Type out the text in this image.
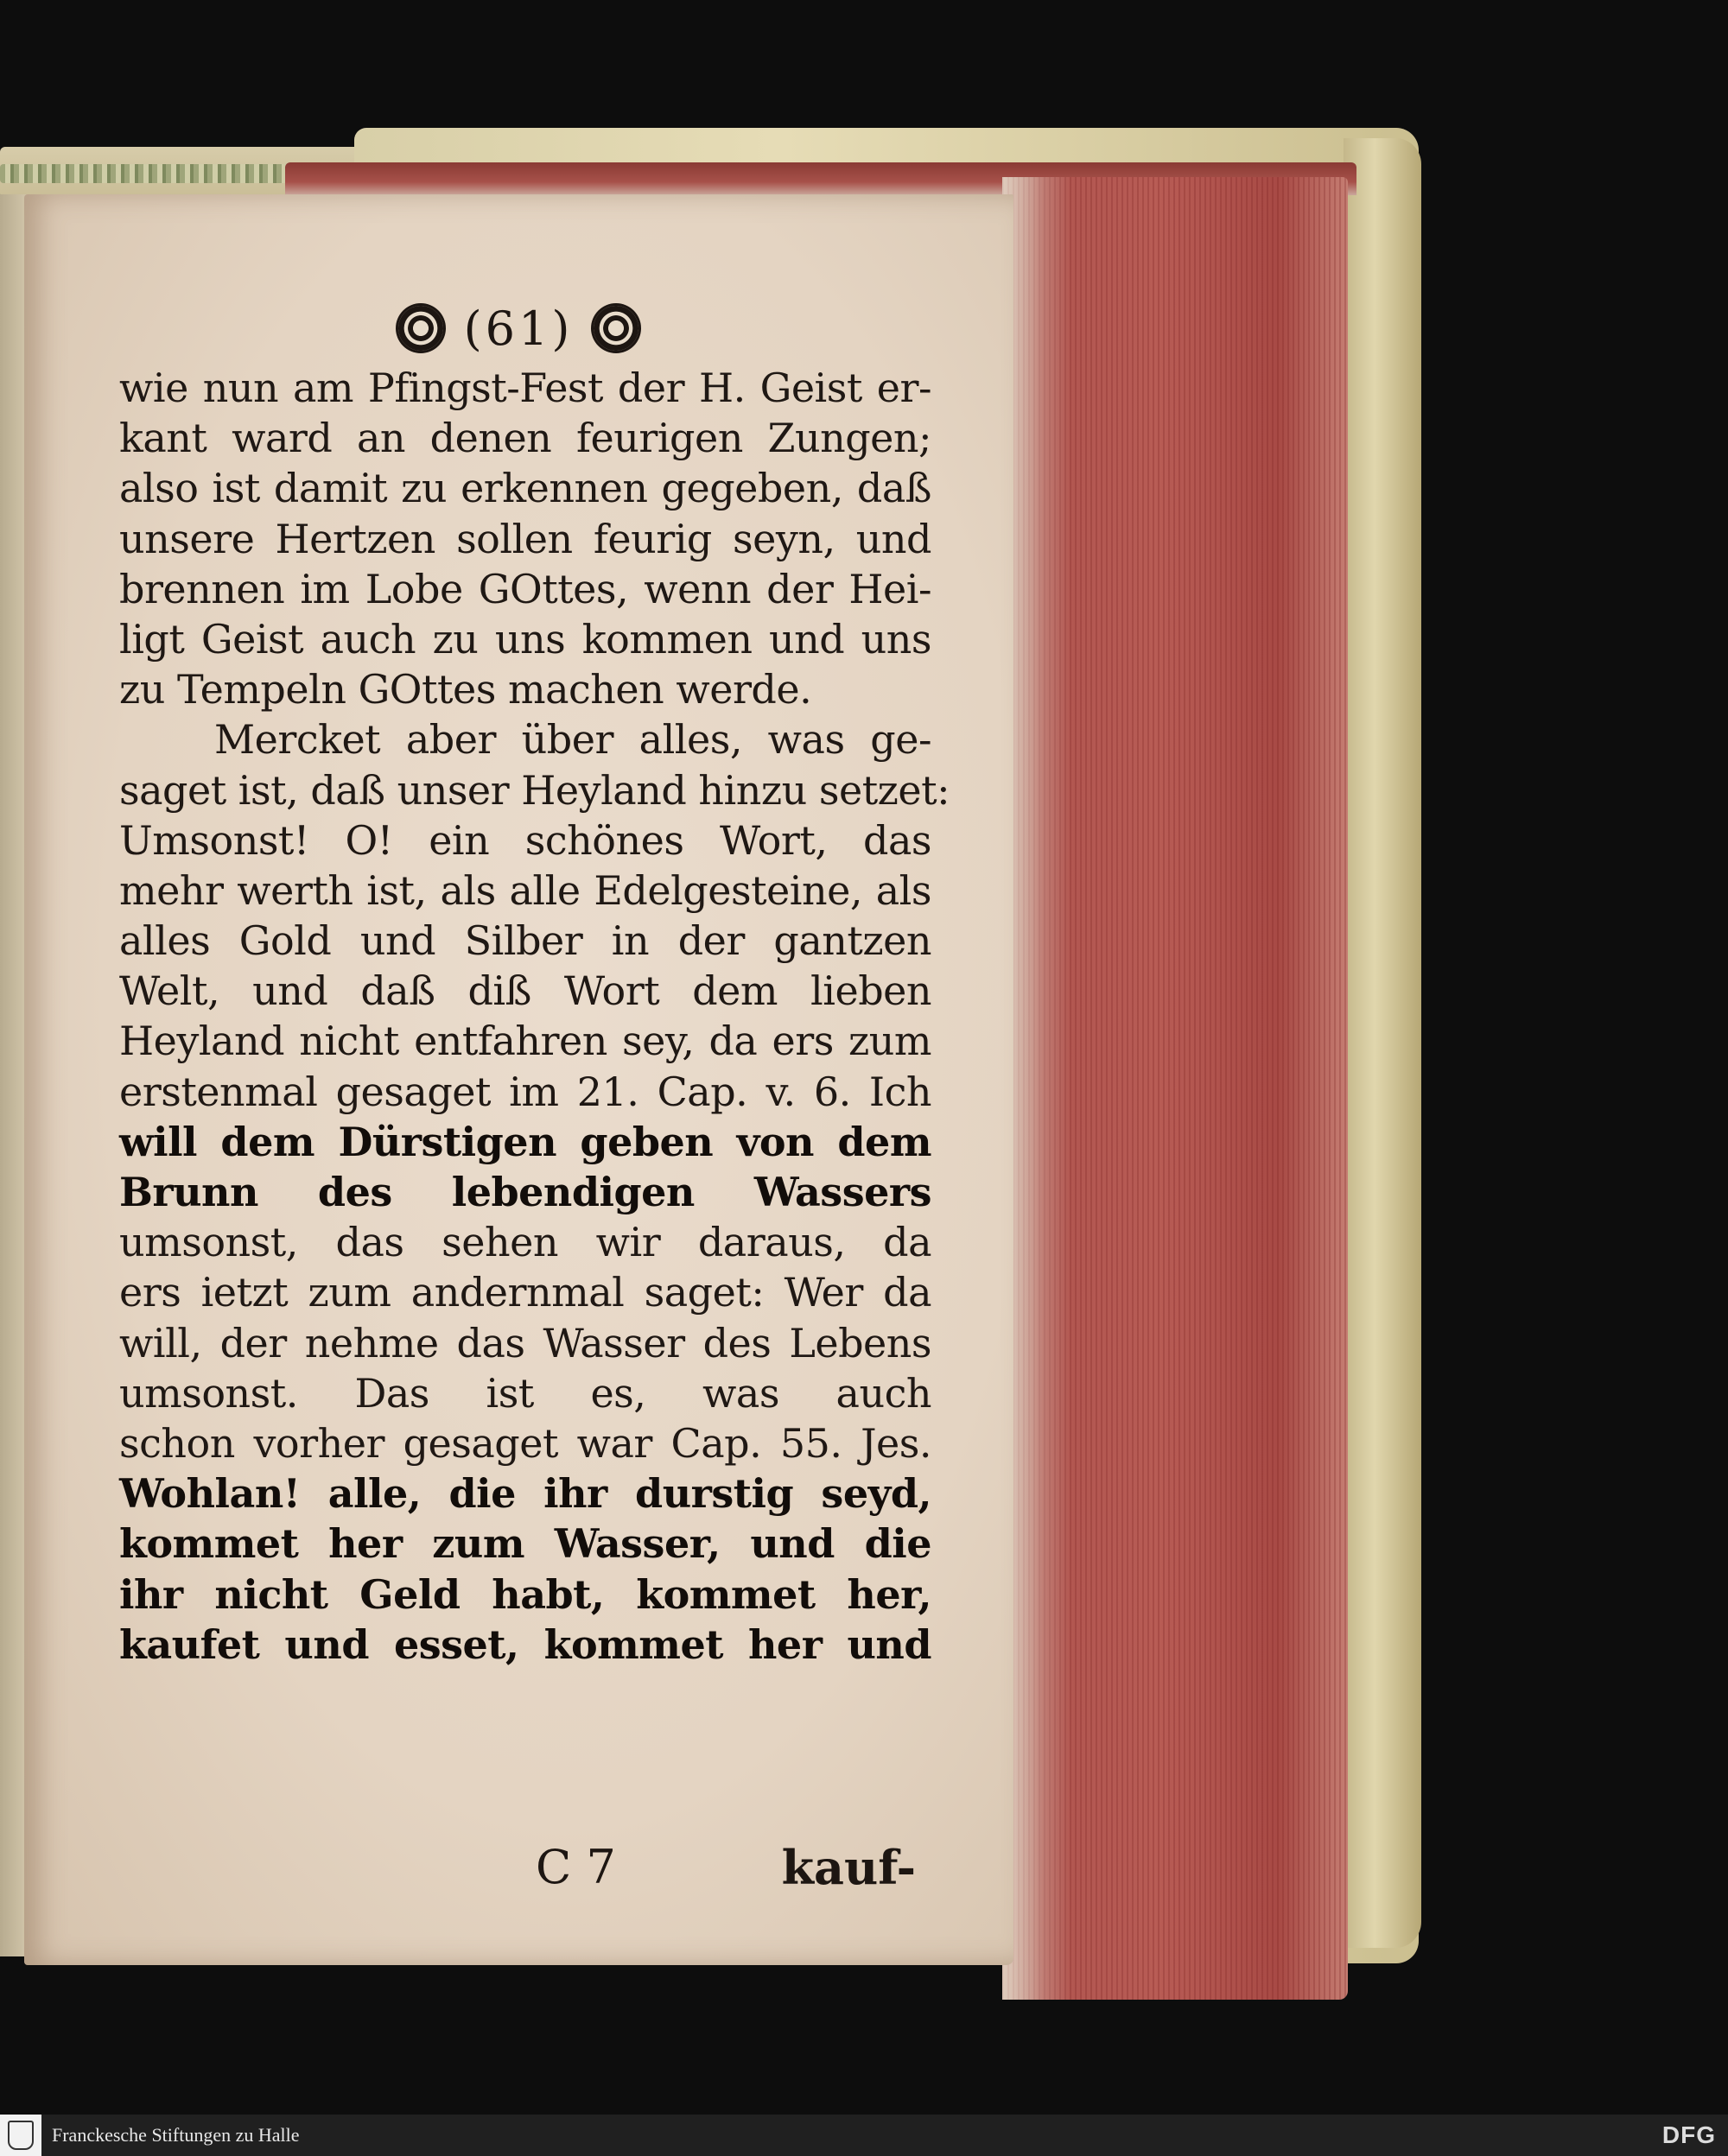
(61)
wie nun am Pfingst-Fest der H. Geist er-
kant ward an denen feurigen Zungen;
also ist damit zu erkennen gegeben, daß
unsere Hertzen sollen feurig seyn, und
brennen im Lobe GOttes, wenn der Hei-
ligt Geist auch zu uns kommen und uns
zu Tempeln GOttes machen werde.
Mercket aber über alles, was ge-
saget ist, daß unser Heyland hinzu setzet:
Umsonst! O! ein schönes Wort, das
mehr werth ist, als alle Edelgesteine, als
alles Gold und Silber in der gantzen
Welt, und daß diß Wort dem lieben
Heyland nicht entfahren sey, da ers zum
erstenmal gesaget im 21. Cap. v. 6. Ich
will dem Dürstigen geben von dem
Brunn des lebendigen Wassers
umsonst, das sehen wir daraus, da
ers ietzt zum andernmal saget: Wer da
will, der nehme das Wasser des Lebens
umsonst. Das ist es, was auch
schon vorher gesaget war Cap. 55. Jes.
Wohlan! alle, die ihr durstig seyd,
kommet her zum Wasser, und die
ihr nicht Geld habt, kommet her,
kaufet und esset, kommet her und
C 7	kauf-
Franckesche Stiftungen zu Halle	DFG
